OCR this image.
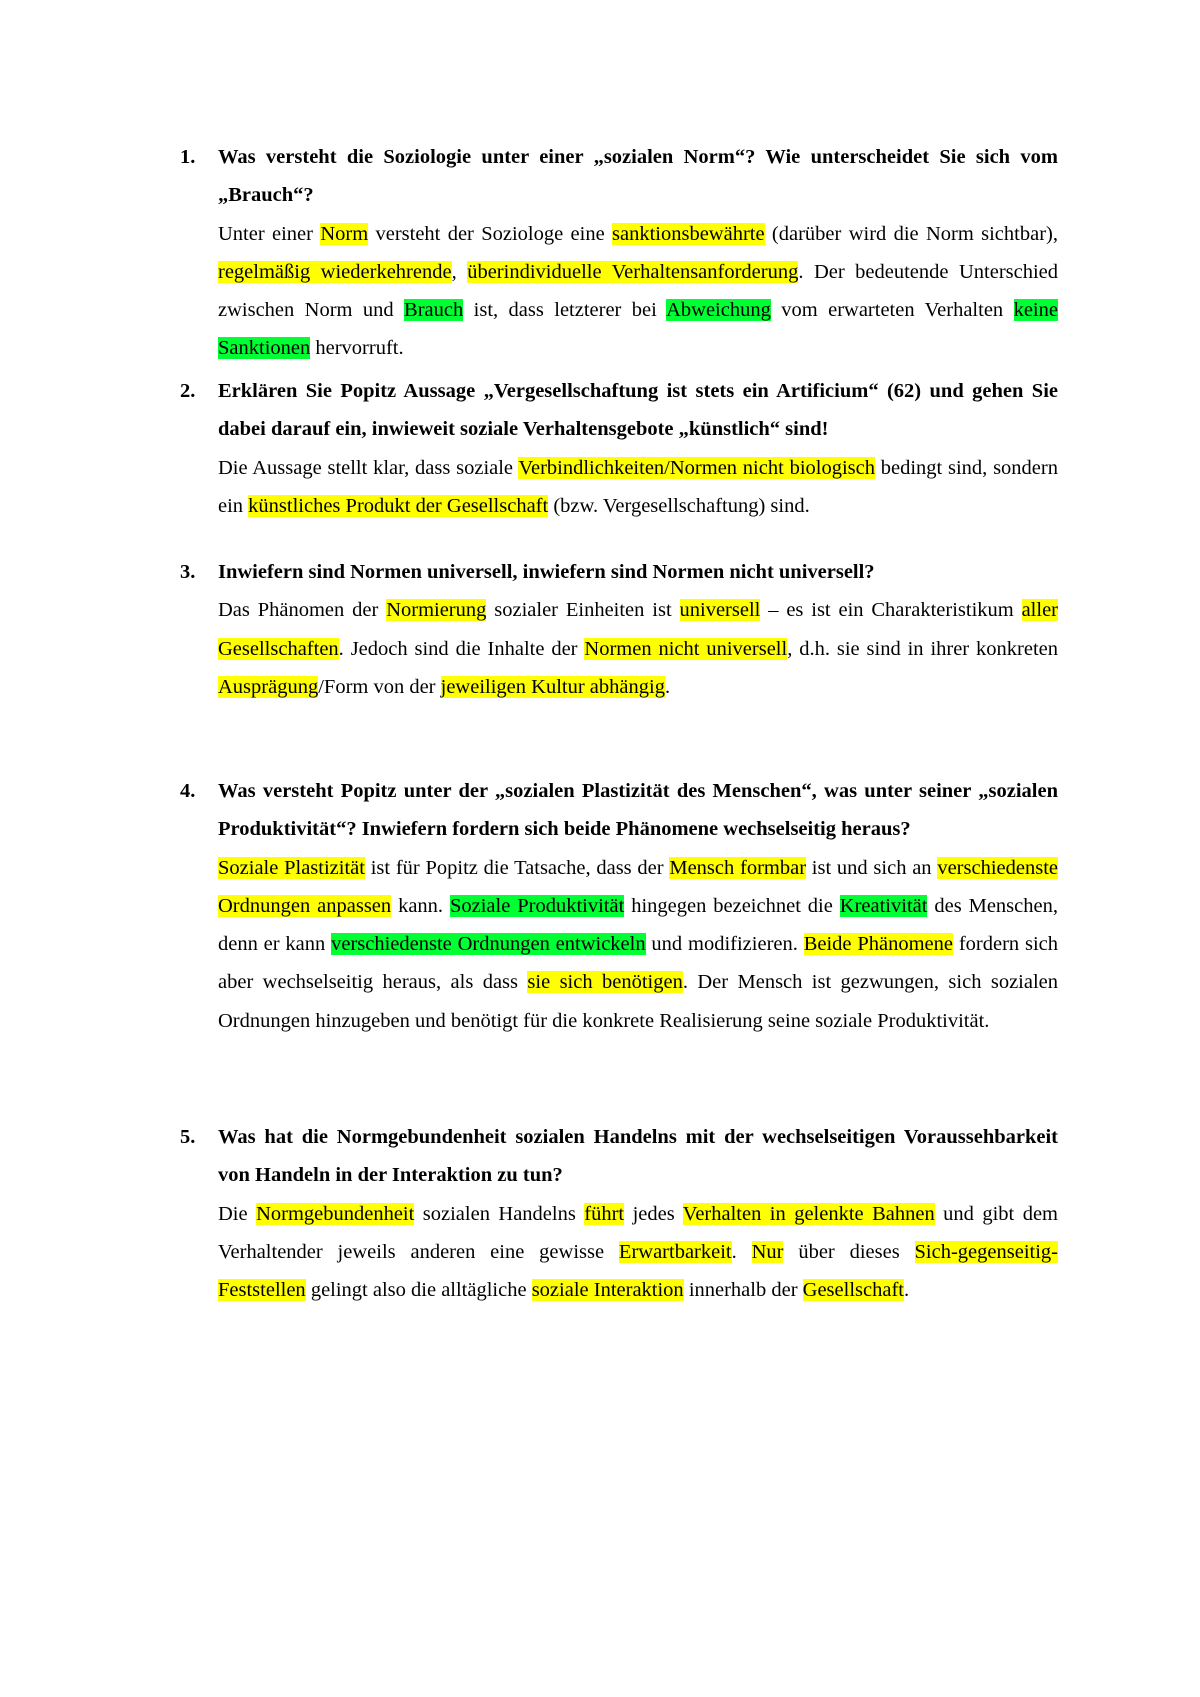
1. Was versteht die Soziologie unter einer „sozialen Norm“? Wie unterscheidet Sie sich vom „Brauch“?
Unter einer Norm versteht der Soziologe eine sanktionsbewährte (darüber wird die Norm sichtbar), regelmäßig wiederkehrende, überindividuelle Verhaltensanforderung. Der bedeutende Unterschied zwischen Norm und Brauch ist, dass letzterer bei Abweichung vom erwarteten Verhalten keine Sanktionen hervorruft.
2. Erklären Sie Popitz Aussage „Vergesellschaftung ist stets ein Artificium“ (62) und gehen Sie dabei darauf ein, inwieweit soziale Verhaltensgebote „künstlich“ sind!
Die Aussage stellt klar, dass soziale Verbindlichkeiten/Normen nicht biologisch bedingt sind, sondern ein künstliches Produkt der Gesellschaft (bzw. Vergesellschaftung) sind.
3. Inwiefern sind Normen universell, inwiefern sind Normen nicht universell?
Das Phänomen der Normierung sozialer Einheiten ist universell – es ist ein Charakteristikum aller Gesellschaften. Jedoch sind die Inhalte der Normen nicht universell, d.h. sie sind in ihrer konkreten Ausprägung/Form von der jeweiligen Kultur abhängig.
4. Was versteht Popitz unter der „sozialen Plastizität des Menschen“, was unter seiner „sozialen Produktivität“? Inwiefern fordern sich beide Phänomene wechselseitig heraus?
Soziale Plastizität ist für Popitz die Tatsache, dass der Mensch formbar ist und sich an verschiedenste Ordnungen anpassen kann. Soziale Produktivität hingegen bezeichnet die Kreativität des Menschen, denn er kann verschiedenste Ordnungen entwickeln und modifizieren. Beide Phänomene fordern sich aber wechselseitig heraus, als dass sie sich benötigen. Der Mensch ist gezwungen, sich sozialen Ordnungen hinzugeben und benötigt für die konkrete Realisierung seine soziale Produktivität.
5. Was hat die Normgebundenheit sozialen Handelns mit der wechselseitigen Voraussehbarkeit von Handeln in der Interaktion zu tun?
Die Normgebundenheit sozialen Handelns führt jedes Verhalten in gelenkte Bahnen und gibt dem Verhaltender jeweils anderen eine gewisse Erwartbarkeit. Nur über dieses Sich-gegenseitig-Feststellen gelingt also die alltägliche soziale Interaktion innerhalb der Gesellschaft.
